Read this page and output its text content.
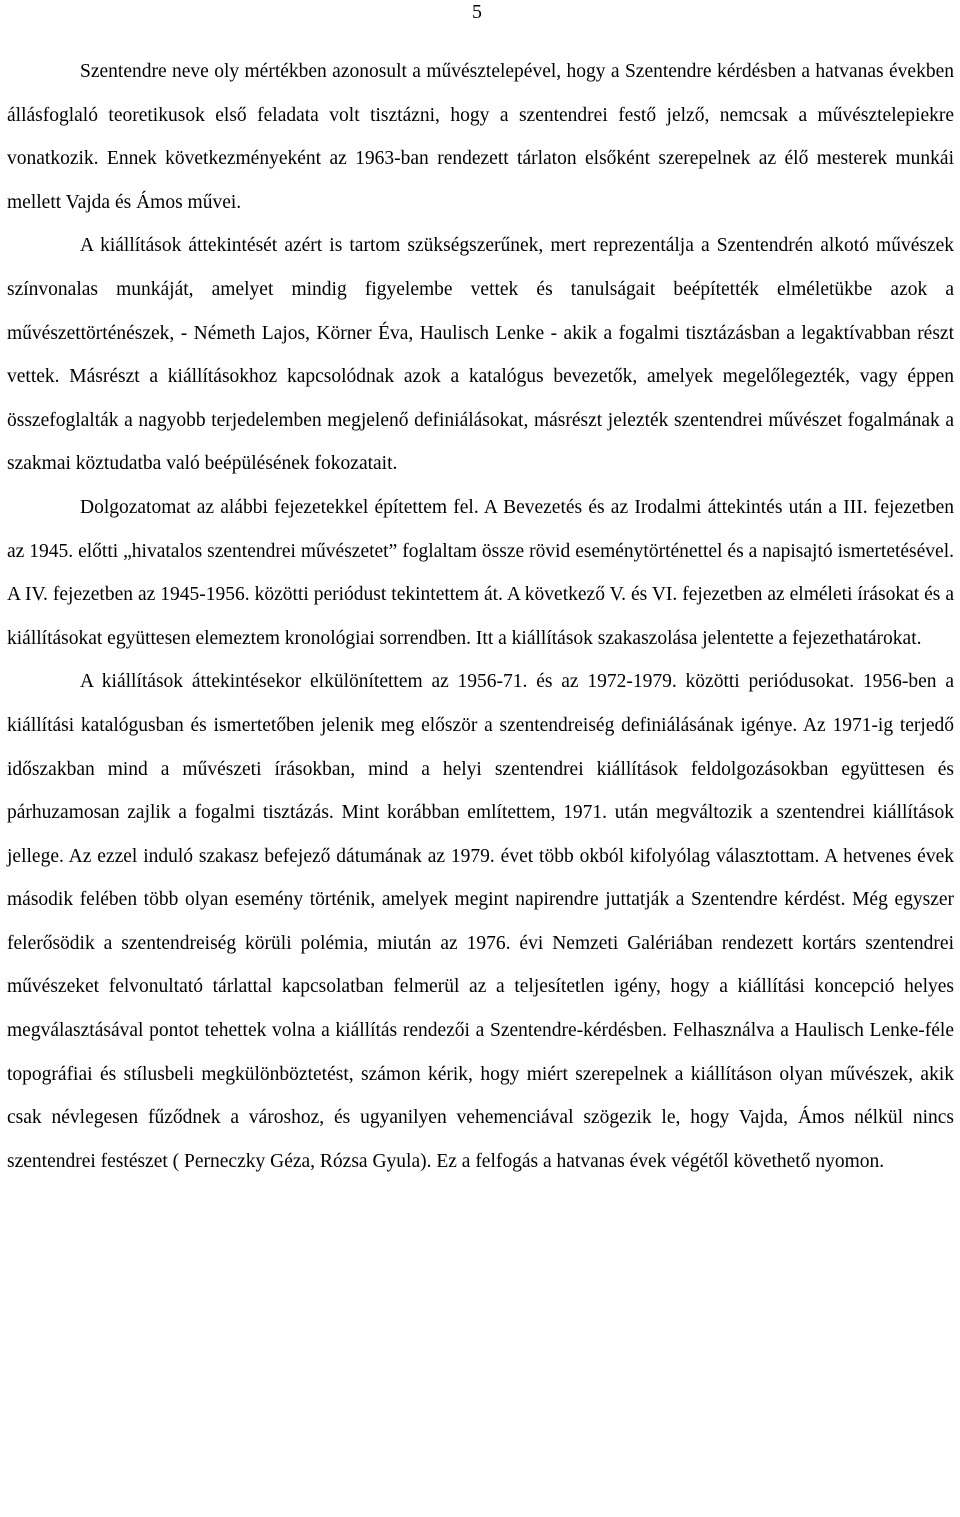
5

Szentendre neve oly mértékben azonosult a művésztelepével, hogy a Szentendre kérdésben a hatvanas években állásfoglaló teoretikusok első feladata volt tisztázni, hogy a szentendrei festő jelző, nemcsak a művésztelepiekre vonatkozik. Ennek következményeként az 1963-ban rendezett tárlaton elsőként szerepelnek az élő mesterek munkái mellett Vajda és Ámos művei.

A kiállítások áttekintését azért is tartom szükségszerűnek, mert reprezentálja a Szentendrén alkotó művészek színvonalas munkáját, amelyet mindig figyelembe vettek és tanulságait beépítették elméletükbe azok a művészettörténészek, - Németh Lajos, Körner Éva, Haulisch Lenke - akik a fogalmi tisztázásban a legaktívabban részt vettek. Másrészt a kiállításokhoz kapcsolódnak azok a katalógus bevezetők, amelyek megelőlegezték, vagy éppen összefoglalták a nagyobb terjedelemben megjelenő definiálásokat, másrészt jelezték szentendrei művészet fogalmának a szakmai köztudatba való beépülésének fokozatait.

Dolgozatomat az alábbi fejezetekkel építettem fel. A Bevezetés és az Irodalmi áttekintés után a III. fejezetben az 1945. előtti „hivatalos szentendrei művészetet” foglaltam össze rövid eseménytörténettel és a napisajtó ismertetésével. A IV. fejezetben az 1945-1956. közötti periódust tekintettem át. A következő V. és VI. fejezetben az elméleti írásokat és a kiállításokat együttesen elemeztem kronológiai sorrendben. Itt a kiállítások szakaszolása jelentette a fejezethatárokat.

A kiállítások áttekintésekor elkülönítettem az 1956-71. és az 1972-1979. közötti periódusokat. 1956-ben a kiállítási katalógusban és ismertetőben jelenik meg először a szentendreiség definiálásának igénye. Az 1971-ig terjedő időszakban mind a művészeti írásokban, mind a helyi szentendrei kiállítások feldolgozásokban együttesen és párhuzamosan zajlik a fogalmi tisztázás. Mint korábban említettem, 1971. után megváltozik a szentendrei kiállítások jellege. Az ezzel induló szakasz befejező dátumának az 1979. évet több okból kifolyólag választottam. A hetvenes évek második felében több olyan esemény történik, amelyek megint napirendre juttatják a Szentendre kérdést. Még egyszer felerősödik a szentendreiség körüli polémia, miután az 1976. évi Nemzeti Galériában rendezett kortárs szentendrei művészeket felvonultató tárlattal kapcsolatban felmerül az a teljesítetlen igény, hogy a kiállítási koncepció helyes megválasztásával pontot tehettek volna a kiállítás rendezői a Szentendre-kérdésben. Felhasználva a Haulisch Lenke-féle topográfiai és stílusbeli megkülönböztetést, számon kérik, hogy miért szerepelnek a kiállításon olyan művészek, akik csak névlegesen fűződnek a városhoz, és ugyanilyen vehemenciával szögezik le, hogy Vajda, Ámos nélkül nincs szentendrei festészet ( Perneczky Géza, Rózsa Gyula). Ez a felfogás a hatvanas évek végétől követhető nyomon.
